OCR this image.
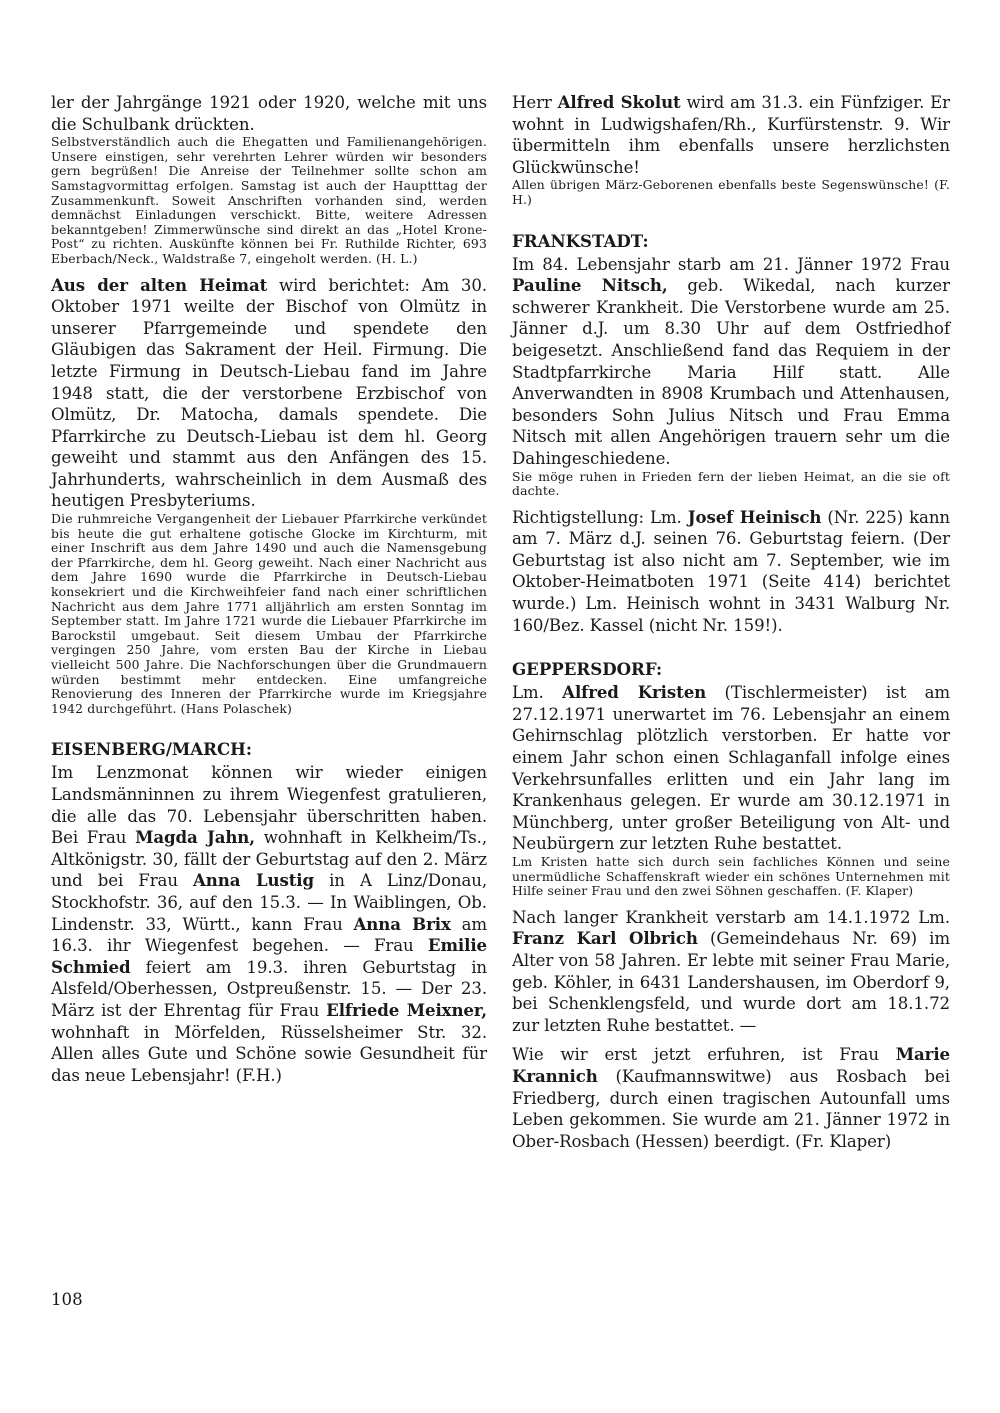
ler der Jahrgänge 1921 oder 1920, welche mit uns die Schulbank drückten.

Selbstverständlich auch die Ehegatten und Familienangehörigen. Unsere einstigen, sehr verehrten Lehrer würden wir besonders gern begrüßen! Die Anreise der Teilnehmer sollte schon am Samstagvormittag erfolgen. Samstag ist auch der Hauptttag der Zusammenkunft. Soweit Anschriften vorhanden sind, werden demnächst Einladungen verschickt. Bitte, weitere Adressen bekanntgeben! Zimmerwünsche sind direkt an das „Hotel Krone-Post“ zu richten. Auskünfte können bei Fr. Ruthilde Richter, 693 Eberbach/Neck., Waldstraße 7, eingeholt werden. (H. L.)

Aus der alten Heimat wird berichtet: Am 30. Oktober 1971 weilte der Bischof von Olmütz in unserer Pfarrgemeinde und spendete den Gläubigen das Sakrament der Heil. Firmung. Die letzte Firmung in Deutsch-Liebau fand im Jahre 1948 statt, die der verstorbene Erzbischof von Olmütz, Dr. Matocha, damals spendete. Die Pfarrkirche zu Deutsch-Liebau ist dem hl. Georg geweiht und stammt aus den Anfängen des 15. Jahrhunderts, wahrscheinlich in dem Ausmaß des heutigen Presbyteriums.

Die ruhmreiche Vergangenheit der Liebauer Pfarrkirche verkündet bis heute die gut erhaltene gotische Glocke im Kirchturm, mit einer Inschrift aus dem Jahre 1490 und auch die Namensgebung der Pfarrkirche, dem hl. Georg geweiht. Nach einer Nachricht aus dem Jahre 1690 wurde die Pfarrkirche in Deutsch-Liebau konsekriert und die Kirchweihfeier fand nach einer schriftlichen Nachricht aus dem Jahre 1771 alljährlich am ersten Sonntag im September statt. Im Jahre 1721 wurde die Liebauer Pfarrkirche im Barockstil umgebaut. Seit diesem Umbau der Pfarrkirche vergingen 250 Jahre, vom ersten Bau der Kirche in Liebau vielleicht 500 Jahre. Die Nachforschungen über die Grundmauern würden bestimmt mehr entdecken. Eine umfangreiche Renovierung des Inneren der Pfarrkirche wurde im Kriegsjahre 1942 durchgeführt. (Hans Polaschek)

EISENBERG/MARCH:

Im Lenzmonat können wir wieder einigen Landsmänninnen zu ihrem Wiegenfest gratulieren, die alle das 70. Lebensjahr überschritten haben. Bei Frau Magda Jahn, wohnhaft in Kelkheim/Ts., Altkönigstr. 30, fällt der Geburtstag auf den 2. März und bei Frau Anna Lustig in A Linz/Donau, Stockhofstr. 36, auf den 15.3. — In Waiblingen, Ob. Lindenstr. 33, Württ., kann Frau Anna Brix am 16.3. ihr Wiegenfest begehen. — Frau Emilie Schmied feiert am 19.3. ihren Geburtstag in Alsfeld/Oberhessen, Ostpreußenstr. 15. — Der 23. März ist der Ehrentag für Frau Elfriede Meixner, wohnhaft in Mörfelden, Rüsselsheimer Str. 32. Allen alles Gute und Schöne sowie Gesundheit für das neue Lebensjahr! (F.H.)

Herr Alfred Skolut wird am 31.3. ein Fünfziger. Er wohnt in Ludwigshafen/Rh., Kurfürstenstr. 9. Wir übermitteln ihm ebenfalls unsere herzlichsten Glückwünsche!

Allen übrigen März-Geborenen ebenfalls beste Segenswünsche! (F. H.)

FRANKSTADT:

Im 84. Lebensjahr starb am 21. Jänner 1972 Frau Pauline Nitsch, geb. Wikedal, nach kurzer schwerer Krankheit. Die Verstorbene wurde am 25. Jänner d.J. um 8.30 Uhr auf dem Ostfriedhof beigesetzt. Anschließend fand das Requiem in der Stadtpfarrkirche Maria Hilf statt. Alle Anverwandten in 8908 Krumbach und Attenhausen, besonders Sohn Julius Nitsch und Frau Emma Nitsch mit allen Angehörigen trauern sehr um die Dahingeschiedene.

Sie möge ruhen in Frieden fern der lieben Heimat, an die sie oft dachte.

Richtigstellung: Lm. Josef Heinisch (Nr. 225) kann am 7. März d.J. seinen 76. Geburtstag feiern. (Der Geburtstag ist also nicht am 7. September, wie im Oktober-Heimatboten 1971 (Seite 414) berichtet wurde.) Lm. Heinisch wohnt in 3431 Walburg Nr. 160/Bez. Kassel (nicht Nr. 159!).

GEPPERSDORF:

Lm. Alfred Kristen (Tischlermeister) ist am 27.12.1971 unerwartet im 76. Lebensjahr an einem Gehirnschlag plötzlich verstorben. Er hatte vor einem Jahr schon einen Schlaganfall infolge eines Verkehrsunfalles erlitten und ein Jahr lang im Krankenhaus gelegen. Er wurde am 30.12.1971 in Münchberg, unter großer Beteiligung von Alt- und Neubürgern zur letzten Ruhe bestattet.

Lm Kristen hatte sich durch sein fachliches Können und seine unermüdliche Schaffenskraft wieder ein schönes Unternehmen mit Hilfe seiner Frau und den zwei Söhnen geschaffen. (F. Klaper)

Nach langer Krankheit verstarb am 14.1.1972 Lm. Franz Karl Olbrich (Gemeindehaus Nr. 69) im Alter von 58 Jahren. Er lebte mit seiner Frau Marie, geb. Köhler, in 6431 Landershausen, im Oberdorf 9, bei Schenklengsfeld, und wurde dort am 18.1.72 zur letzten Ruhe bestattet. —

Wie wir erst jetzt erfuhren, ist Frau Marie Krannich (Kaufmannswitwe) aus Rosbach bei Friedberg, durch einen tragischen Autounfall ums Leben gekommen. Sie wurde am 21. Jänner 1972 in Ober-Rosbach (Hessen) beerdigt. (Fr. Klaper)

108
